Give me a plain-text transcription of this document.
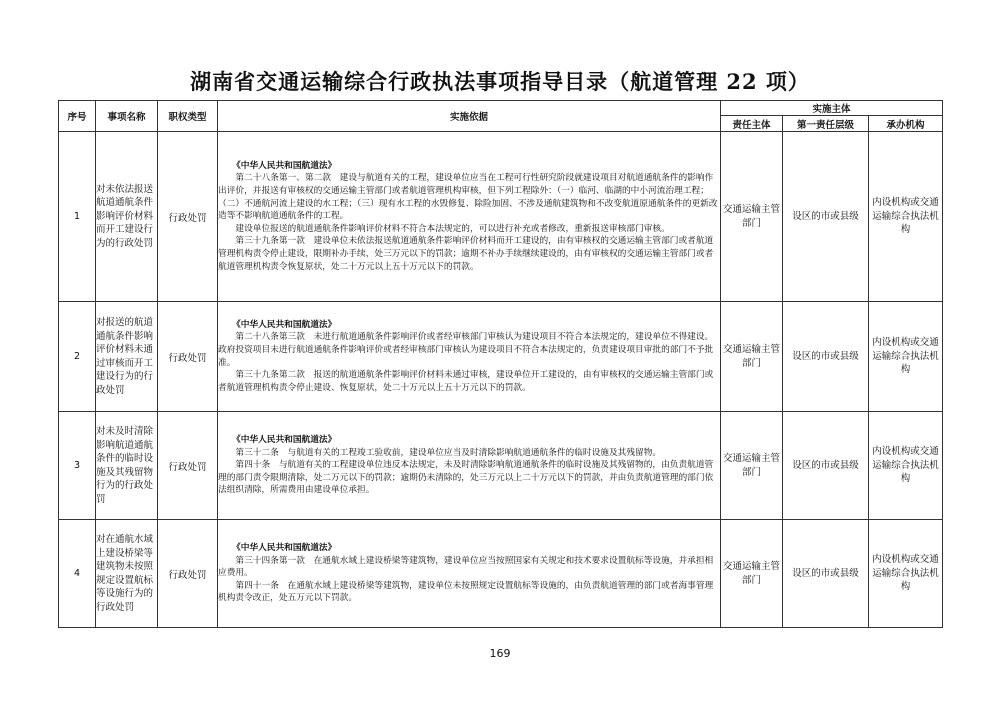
湖南省交通运输综合行政执法事项指导目录（航道管理 22 项）
序号	事项名称	职权类型	实施依据	实施主体		
				责任主体	第一责任层级	承办机构
1	对未依法报送航道通航条件影响评价材料而开工建设行为的行政处罚	行政处罚	《中华人民共和国航道法》
第二十八条第一、第二款　建设与航道有关的工程，建设单位应当在工程可行性研究阶段就建设项目对航道通航条件的影响作出评价，并报送有审核权的交通运输主管部门或者航道管理机构审核，但下列工程除外：（一）临河、临湖的中小河流治理工程；（二）不通航河流上建设的水工程；（三）现有水工程的水毁修复、除险加固、不涉及通航建筑物和不改变航道原通航条件的更新改造等不影响航道通航条件的工程。
建设单位报送的航道通航条件影响评价材料不符合本法规定的，可以进行补充或者修改，重新报送审核部门审核。
第三十九条第一款　建设单位未依法报送航道通航条件影响评价材料而开工建设的，由有审核权的交通运输主管部门或者航道管理机构责令停止建设，限期补办手续，处三万元以下的罚款；逾期不补办手续继续建设的，由有审核权的交通运输主管部门或者航道管理机构责令恢复原状，处二十万元以上五十万元以下的罚款。	交通运输主管部门	设区的市或县级	内设机构或交通运输综合执法机构
2	对报送的航道通航条件影响评价材料未通过审核而开工建设行为的行政处罚	行政处罚	《中华人民共和国航道法》
第二十八条第三款　未进行航道通航条件影响评价或者经审核部门审核认为建设项目不符合本法规定的，建设单位不得建设。政府投资项目未进行航道通航条件影响评价或者经审核部门审核认为建设项目不符合本法规定的，负责建设项目审批的部门不予批准。
第三十九条第二款　报送的航道通航条件影响评价材料未通过审核，建设单位开工建设的，由有审核权的交通运输主管部门或者航道管理机构责令停止建设、恢复原状，处二十万元以上五十万元以下的罚款。	交通运输主管部门	设区的市或县级	内设机构或交通运输综合执法机构
3	对未及时清除影响航道通航条件的临时设施及其残留物行为的行政处罚	行政处罚	《中华人民共和国航道法》
第三十二条　与航道有关的工程竣工验收前，建设单位应当及时清除影响航道通航条件的临时设施及其残留物。
第四十条　与航道有关的工程建设单位违反本法规定，未及时清除影响航道通航条件的临时设施及其残留物的，由负责航道管理的部门责令限期清除，处二万元以下的罚款；逾期仍未清除的，处三万元以上二十万元以下的罚款，并由负责航道管理的部门依法组织清除，所需费用由建设单位承担。	交通运输主管部门	设区的市或县级	内设机构或交通运输综合执法机构
4	对在通航水域上建设桥梁等建筑物未按照规定设置航标等设施行为的行政处罚	行政处罚	《中华人民共和国航道法》
第三十四条第一款　在通航水域上建设桥梁等建筑物，建设单位应当按照国家有关规定和技术要求设置航标等设施，并承担相应费用。
第四十一条　在通航水域上建设桥梁等建筑物，建设单位未按照规定设置航标等设施的，由负责航道管理的部门或者海事管理机构责令改正，处五万元以下罚款。	交通运输主管部门	设区的市或县级	内设机构或交通运输综合执法机构
169
